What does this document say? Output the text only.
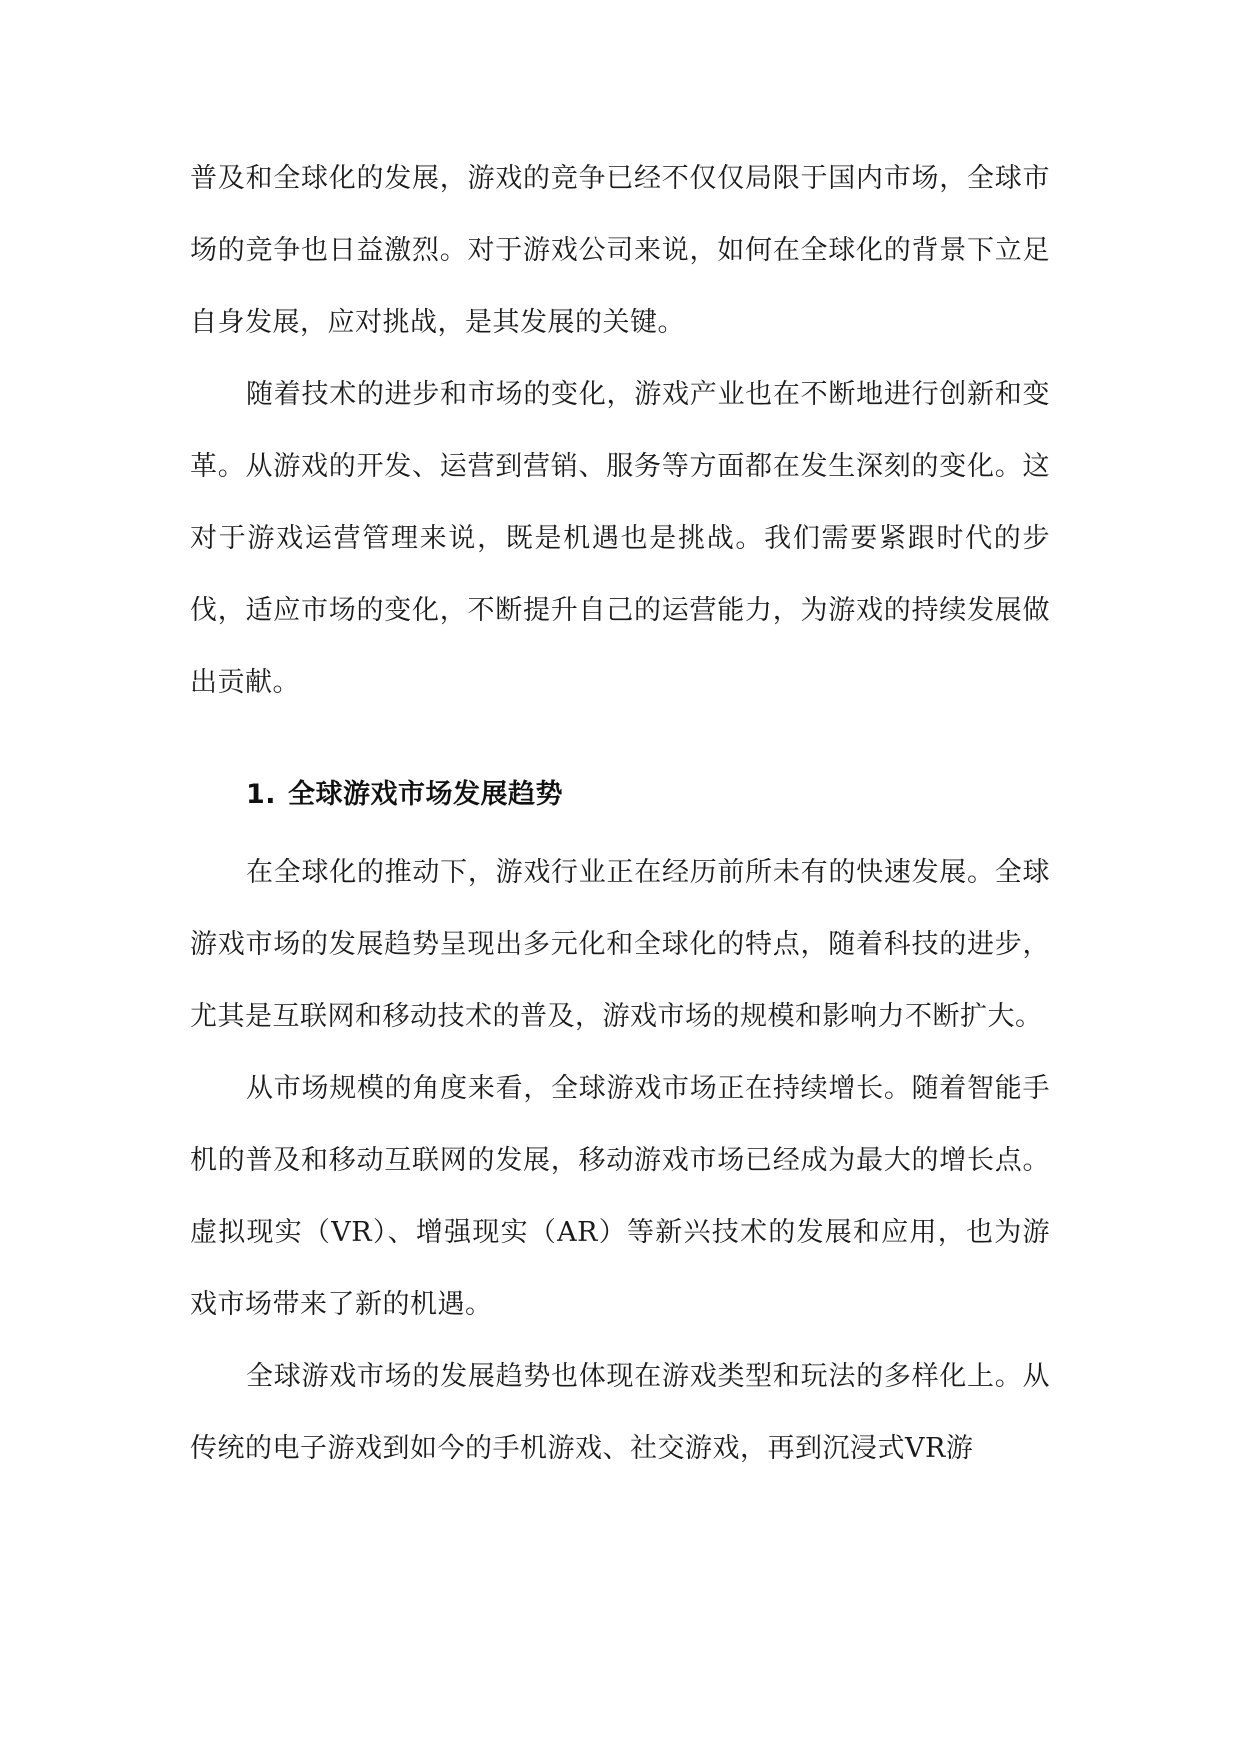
普及和全球化的发展，游戏的竞争已经不仅仅局限于国内市场，全球市场的竞争也日益激烈。对于游戏公司来说，如何在全球化的背景下立足自身发展，应对挑战，是其发展的关键。

随着技术的进步和市场的变化，游戏产业也在不断地进行创新和变革。从游戏的开发、运营到营销、服务等方面都在发生深刻的变化。这对于游戏运营管理来说，既是机遇也是挑战。我们需要紧跟时代的步伐，适应市场的变化，不断提升自己的运营能力，为游戏的持续发展做出贡献。

1. 全球游戏市场发展趋势

在全球化的推动下，游戏行业正在经历前所未有的快速发展。全球游戏市场的发展趋势呈现出多元化和全球化的特点，随着科技的进步，尤其是互联网和移动技术的普及，游戏市场的规模和影响力不断扩大。

从市场规模的角度来看，全球游戏市场正在持续增长。随着智能手机的普及和移动互联网的发展，移动游戏市场已经成为最大的增长点。虚拟现实（VR）、增强现实（AR）等新兴技术的发展和应用，也为游戏市场带来了新的机遇。

全球游戏市场的发展趋势也体现在游戏类型和玩法的多样化上。从传统的电子游戏到如今的手机游戏、社交游戏，再到沉浸式VR游
